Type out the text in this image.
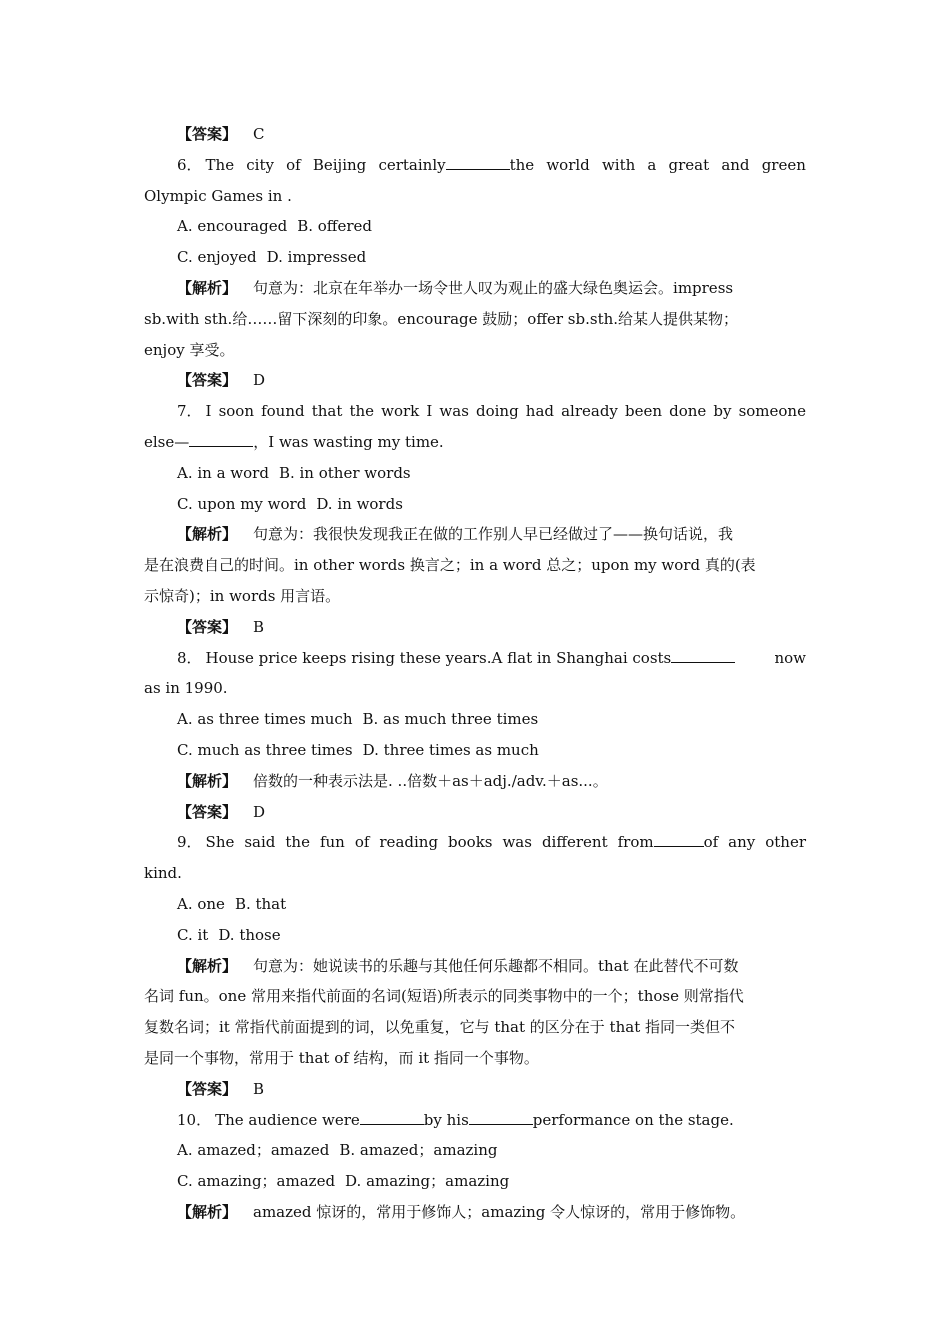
【答案】 C
6． The city of Beijing certainly	the world with a great and green
Olympic Games in .
A. encouraged B. offered
C. enjoyed D. impressed
【解析】 句意为：北京在年举办一场令世人叹为观止的盛大绿色奥运会。impress
sb.with sth.给……留下深刻的印象。encourage 鼓励；offer sb.sth.给某人提供某物；
enjoy 享受。
【答案】 D
7． I soon found that the work I was doing had already been done by someone
else—	，I was wasting my time.
A. in a word B. in other words
C. upon my word D. in words
【解析】 句意为：我很快发现我正在做的工作别人早已经做过了——换句话说，我
是在浪费自己的时间。in other words 换言之；in a word 总之；upon my word 真的(表
示惊奇)；in words 用言语。
【答案】 B
8． House price keeps rising these years.A flat in Shanghai costs	now
as in 1990.
A. as three times much B. as much three times
C. much as three times D. three times as much
【解析】 倍数的一种表示法是. ..倍数＋as＋adj./adv.＋as...。
【答案】 D
9． She said the fun of reading books was different from	of any other
kind.
A. one B. that
C. it D. those
【解析】 句意为：她说读书的乐趣与其他任何乐趣都不相同。that 在此替代不可数
名词 fun。one 常用来指代前面的名词(短语)所表示的同类事物中的一个；those 则常指代
复数名词；it 常指代前面提到的词，以免重复，它与 that 的区分在于 that 指同一类但不
是同一个事物，常用于 that of 结构，而 it 指同一个事物。
【答案】 B
10． The audience were	by his	performance on the stage.
A. amazed；amazed B. amazed；amazing
C. amazing；amazed D. amazing；amazing
【解析】 amazed 惊讶的，常用于修饰人；amazing 令人惊讶的，常用于修饰物。
